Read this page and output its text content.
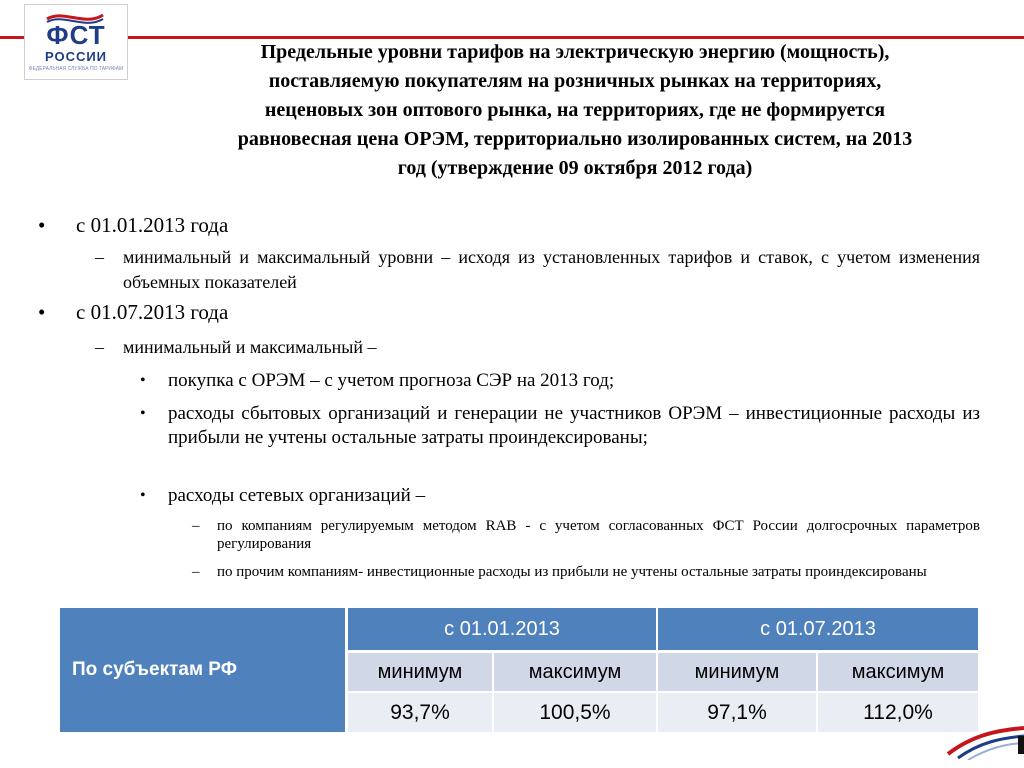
ФСТ
РОССИИ
ФЕДЕРАЛЬНАЯ СЛУЖБА ПО ТАРИФАМ
Предельные уровни тарифов на электрическую энергию (мощность),
поставляемую покупателям на розничных рынках на территориях,
неценовых зон оптового рынка, на территориях, где не формируется
равновесная цена ОРЭМ, территориально изолированных систем, на 2013
год (утверждение 09 октября 2012 года)
• с 01.01.2013 года
– минимальный и максимальный уровни – исходя из установленных тарифов и ставок, с учетом изменения объемных показателей
• с 01.07.2013 года
– минимальный и максимальный –
• покупка с ОРЭМ – с учетом прогноза СЭР на 2013 год;
• расходы сбытовых организаций и генерации не участников ОРЭМ – инвестиционные расходы из прибыли не учтены остальные затраты проиндексированы;
• расходы сетевых организаций –
– по компаниям регулируемым методом RAB - с учетом согласованных ФСТ России долгосрочных параметров регулирования
– по прочим компаниям- инвестиционные расходы из прибыли не учтены остальные затраты проиндексированы
По субъектам РФ
с 01.01.2013	с 01.07.2013
минимум	максимум	минимум	максимум
93,7%	100,5%	97,1%	112,0%
